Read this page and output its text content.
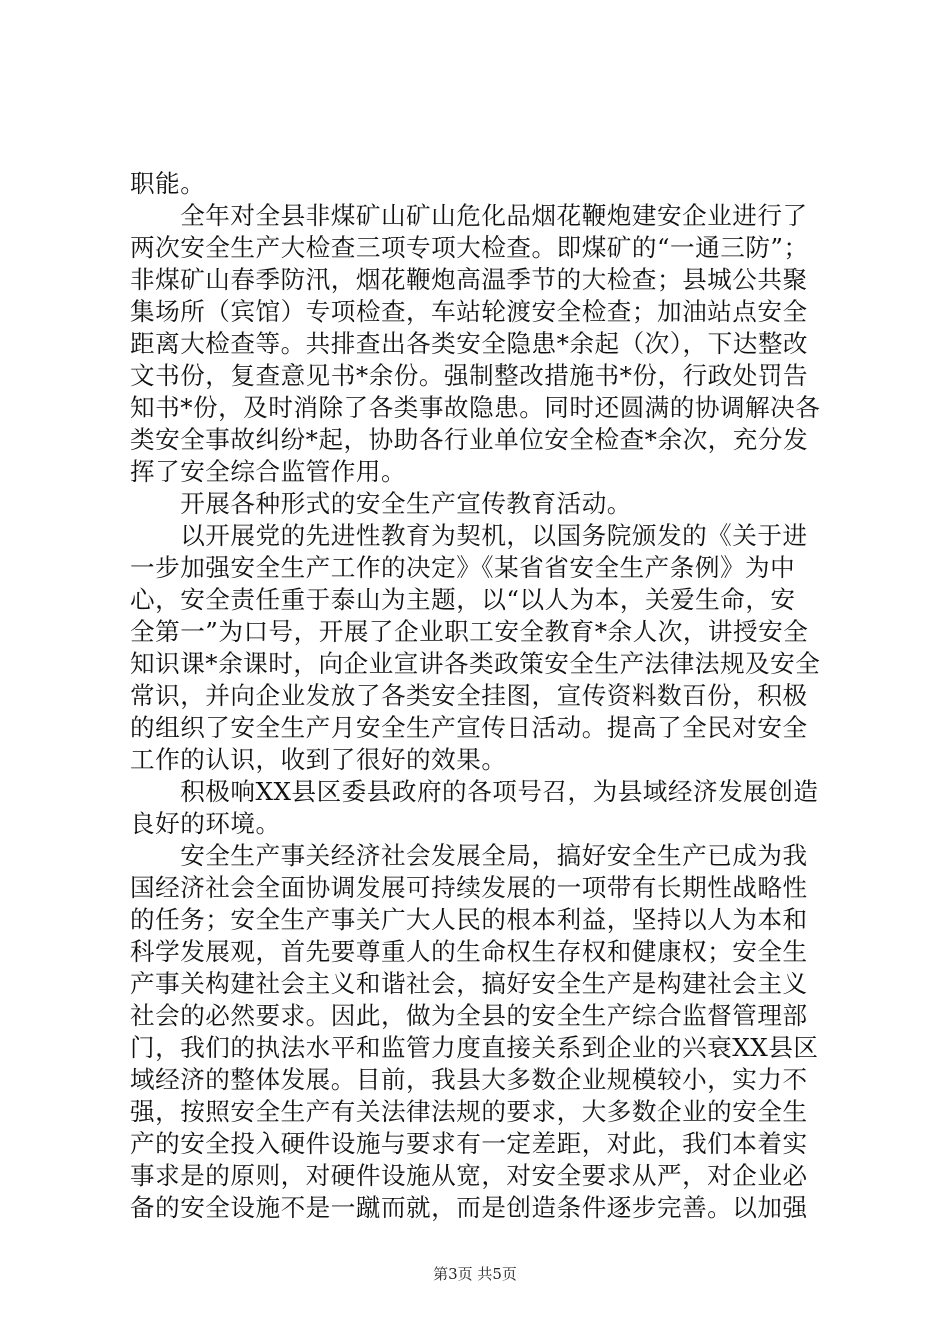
职能。
　　全年对全县非煤矿山矿山危化品烟花鞭炮建安企业进行了
两次安全生产大检查三项专项大检查。即煤矿的“一通三防”；
非煤矿山春季防汛，烟花鞭炮高温季节的大检查；县城公共聚
集场所（宾馆）专项检查，车站轮渡安全检查；加油站点安全
距离大检查等。共排查出各类安全隐患*余起（次），下达整改
文书份，复查意见书*余份。强制整改措施书*份，行政处罚告
知书*份，及时消除了各类事故隐患。同时还圆满的协调解决各
类安全事故纠纷*起，协助各行业单位安全检查*余次，充分发
挥了安全综合监管作用。
　　开展各种形式的安全生产宣传教育活动。
　　以开展党的先进性教育为契机，以国务院颁发的《关于进
一步加强安全生产工作的决定》《某省省安全生产条例》为中
心，安全责任重于泰山为主题，以“以人为本，关爱生命，安
全第一”为口号，开展了企业职工安全教育*余人次，讲授安全
知识课*余课时，向企业宣讲各类政策安全生产法律法规及安全
常识，并向企业发放了各类安全挂图，宣传资料数百份，积极
的组织了安全生产月安全生产宣传日活动。提高了全民对安全
工作的认识，收到了很好的效果。
　　积极响XX县区委县政府的各项号召，为县域经济发展创造
良好的环境。
　　安全生产事关经济社会发展全局，搞好安全生产已成为我
国经济社会全面协调发展可持续发展的一项带有长期性战略性
的任务；安全生产事关广大人民的根本利益，坚持以人为本和
科学发展观，首先要尊重人的生命权生存权和健康权；安全生
产事关构建社会主义和谐社会，搞好安全生产是构建社会主义
社会的必然要求。因此，做为全县的安全生产综合监督管理部
门，我们的执法水平和监管力度直接关系到企业的兴衰XX县区
域经济的整体发展。目前，我县大多数企业规模较小，实力不
强，按照安全生产有关法律法规的要求，大多数企业的安全生
产的安全投入硬件设施与要求有一定差距，对此，我们本着实
事求是的原则，对硬件设施从宽，对安全要求从严，对企业必
备的安全设施不是一蹴而就，而是创造条件逐步完善。以加强
第3页 共5页
